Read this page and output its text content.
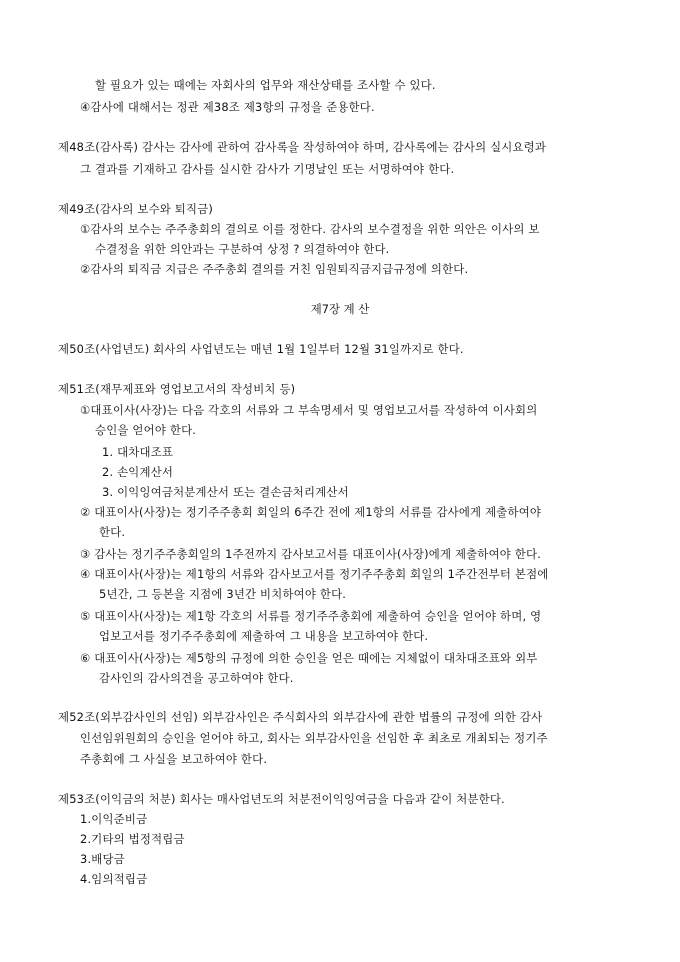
할 필요가 있는 때에는 자회사의 업무와 재산상태를 조사할 수 있다.
④감사에 대해서는 정관 제38조 제3항의 규정을 준용한다.
제48조(감사록) 감사는 감사에 관하여 감사록을 작성하여야 하며, 감사록에는 감사의 실시요령과
그 결과를 기재하고 감사를 실시한 감사가 기명날인 또는 서명하여야 한다.
제49조(감사의 보수와 퇴직금)
①감사의 보수는 주주총회의 결의로 이를 정한다. 감사의 보수결정을 위한 의안은 이사의 보
수결정을 위한 의안과는 구분하여 상정 ? 의결하여야 한다.
②감사의 퇴직금 지급은 주주총회 결의를 거친 임원퇴직금지급규정에 의한다.
제7장 계 산
제50조(사업년도) 회사의 사업년도는 매년 1월 1일부터 12월 31일까지로 한다.
제51조(재무제표와 영업보고서의 작성비치 등)
①대표이사(사장)는 다음 각호의 서류와 그 부속명세서 및 영업보고서를 작성하여 이사회의
승인을 얻어야 한다.
1. 대차대조표
2. 손익계산서
3. 이익잉여금처분계산서 또는 결손금처리계산서
② 대표이사(사장)는 정기주주총회 회일의 6주간 전에 제1항의 서류를 감사에게 제출하여야
한다.
③ 감사는 정기주주총회일의 1주전까지 감사보고서를 대표이사(사장)에게 제출하여야 한다.
④ 대표이사(사장)는 제1항의 서류와 감사보고서를 정기주주총회 회일의 1주간전부터 본점에
5년간, 그 등본을 지점에 3년간 비치하여야 한다.
⑤ 대표이사(사장)는 제1항 각호의 서류를 정기주주총회에 제출하여 승인을 얻어야 하며, 영
업보고서를 정기주주총회에 제출하여 그 내용을 보고하여야 한다.
⑥ 대표이사(사장)는 제5항의 규정에 의한 승인을 얻은 때에는 지체없이 대차대조표와 외부
감사인의 감사의견을 공고하여야 한다.
제52조(외부감사인의 선임) 외부감사인은 주식회사의 외부감사에 관한 법률의 규정에 의한 감사
인선임위원회의 승인을 얻어야 하고, 회사는 외부감사인을 선임한 후 최초로 개최되는 정기주
주총회에 그 사실을 보고하여야 한다.
제53조(이익금의 처분) 회사는 매사업년도의 처분전이익잉여금을 다음과 같이 처분한다.
1.이익준비금
2.기타의 법정적립금
3.배당금
4.임의적립금
